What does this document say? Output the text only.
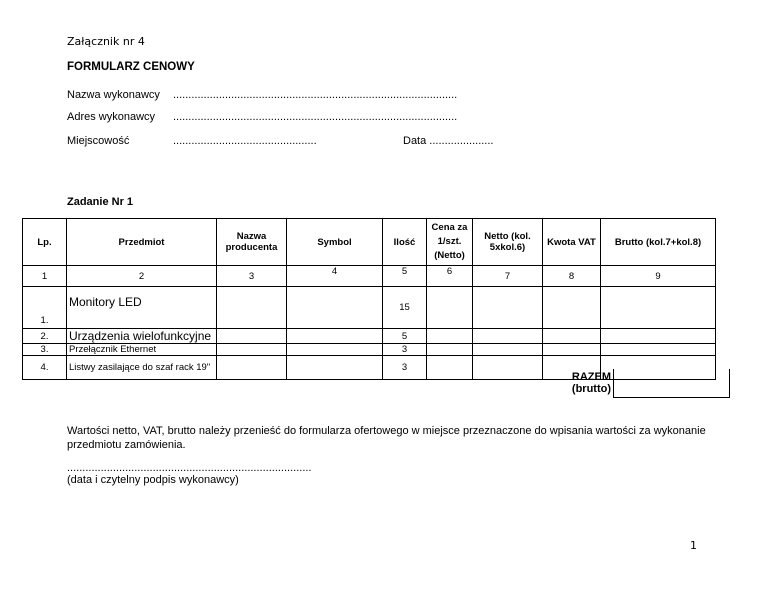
Załącznik nr 4
FORMULARZ CENOWY
Nazwa wykonawcy .............................................................................................
Adres wykonawcy .............................................................................................
Miejscowość	...............................................	Data .....................
Zadanie Nr 1
Lp.	Przedmiot	Nazwa producenta	Symbol	Ilość	Cena za 1/szt. (Netto)	Netto (kol. 5xkol.6)	Kwota VAT	Brutto (kol.7+kol.8)
1	2	3	4	5	6	7	8	9
1.	Monitory LED			15				
2.	Urządzenia wielofunkcyjne			5				
3.	Przełącznik Ethernet			3				
4.	Listwy zasilające do szaf rack 19"			3				
RAZEM (brutto)	
Wartości netto, VAT, brutto należy przenieść do formularza ofertowego w miejsce przeznaczone do wpisania wartości za wykonanie przedmiotu zamówienia.
................................................................................
(data i czytelny podpis wykonawcy)
1
